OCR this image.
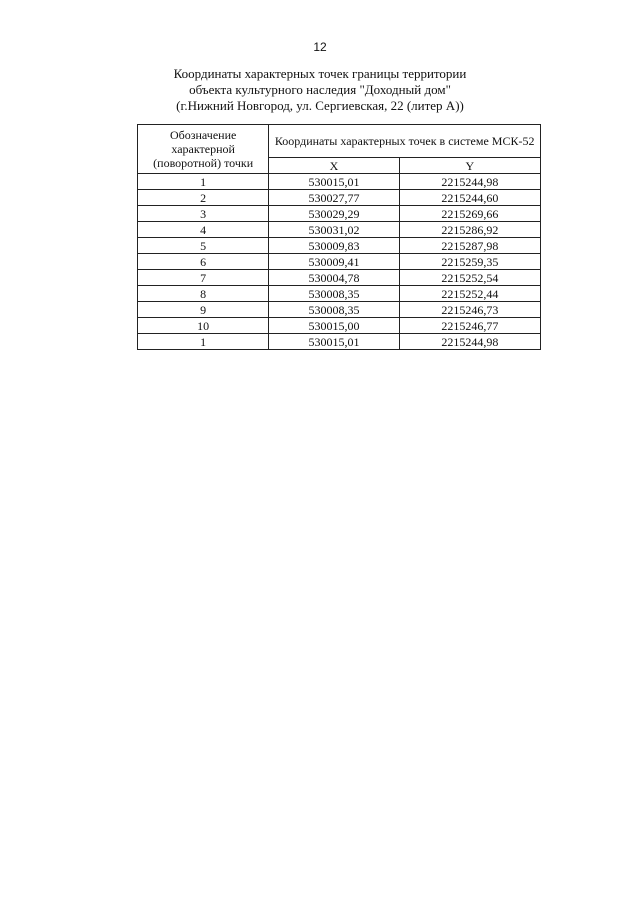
12
Координаты характерных точек границы территории
объекта культурного наследия "Доходный дом"
(г.Нижний Новгород, ул. Сергиевская, 22 (литер А))
Обозначение характерной (поворотной) точки	Координаты характерных точек в системе МСК-52	
	X	Y
1	530015,01	2215244,98
2	530027,77	2215244,60
3	530029,29	2215269,66
4	530031,02	2215286,92
5	530009,83	2215287,98
6	530009,41	2215259,35
7	530004,78	2215252,54
8	530008,35	2215252,44
9	530008,35	2215246,73
10	530015,00	2215246,77
1	530015,01	2215244,98
